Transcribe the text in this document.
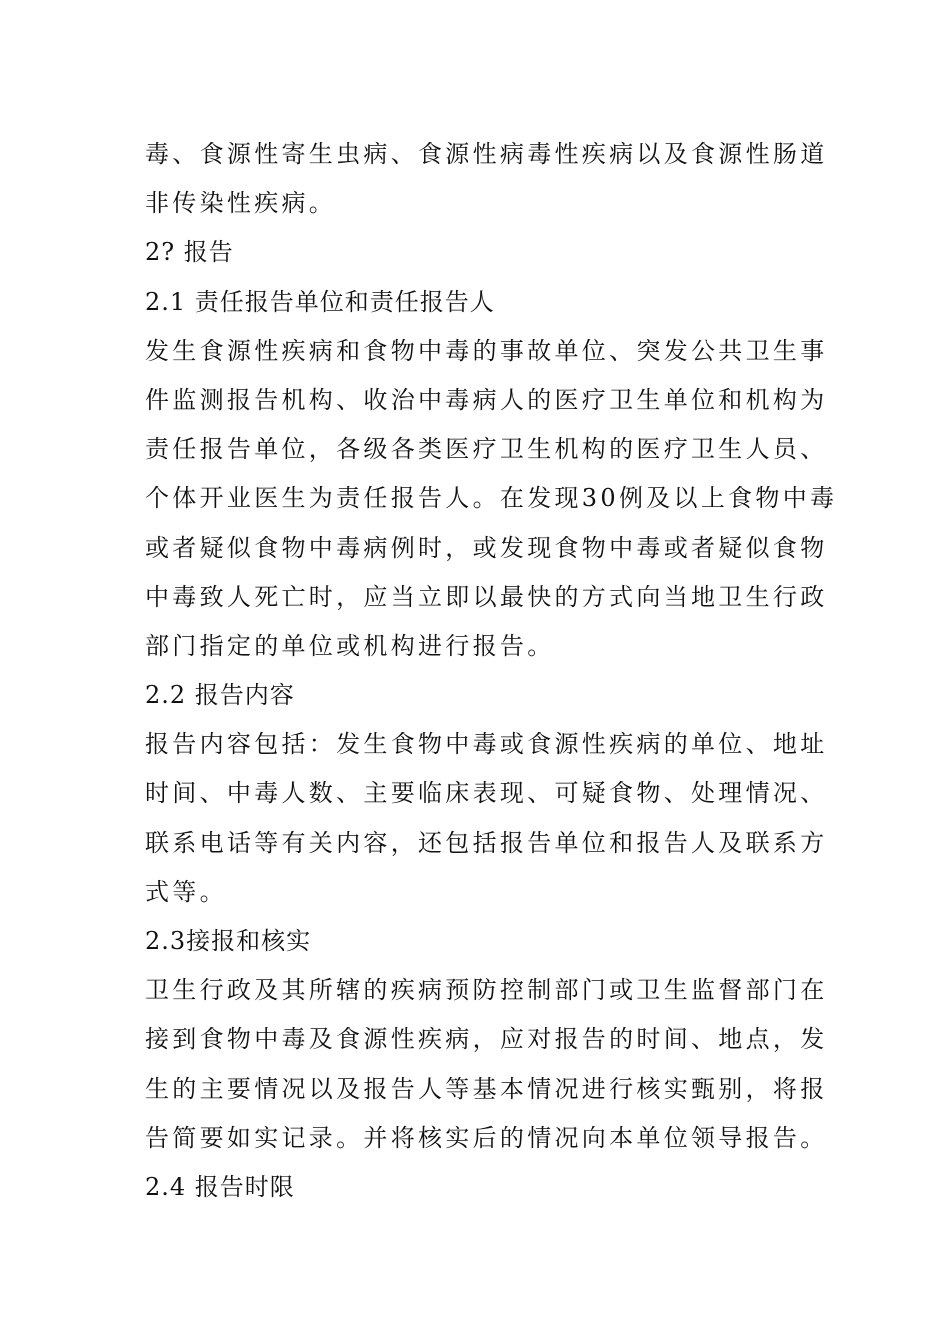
毒、食源性寄生虫病、食源性病毒性疾病以及食源性肠道
非传染性疾病。
2? 报告
2.1 责任报告单位和责任报告人
发生食源性疾病和食物中毒的事故单位、突发公共卫生事
件监测报告机构、收治中毒病人的医疗卫生单位和机构为
责任报告单位，各级各类医疗卫生机构的医疗卫生人员、
个体开业医生为责任报告人。在发现30例及以上食物中毒
或者疑似食物中毒病例时，或发现食物中毒或者疑似食物
中毒致人死亡时，应当立即以最快的方式向当地卫生行政
部门指定的单位或机构进行报告。
2.2 报告内容
报告内容包括：发生食物中毒或食源性疾病的单位、地址
时间、中毒人数、主要临床表现、可疑食物、处理情况、
联系电话等有关内容，还包括报告单位和报告人及联系方
式等。
2.3接报和核实
卫生行政及其所辖的疾病预防控制部门或卫生监督部门在
接到食物中毒及食源性疾病，应对报告的时间、地点，发
生的主要情况以及报告人等基本情况进行核实甄别，将报
告简要如实记录。并将核实后的情况向本单位领导报告。
2.4 报告时限
